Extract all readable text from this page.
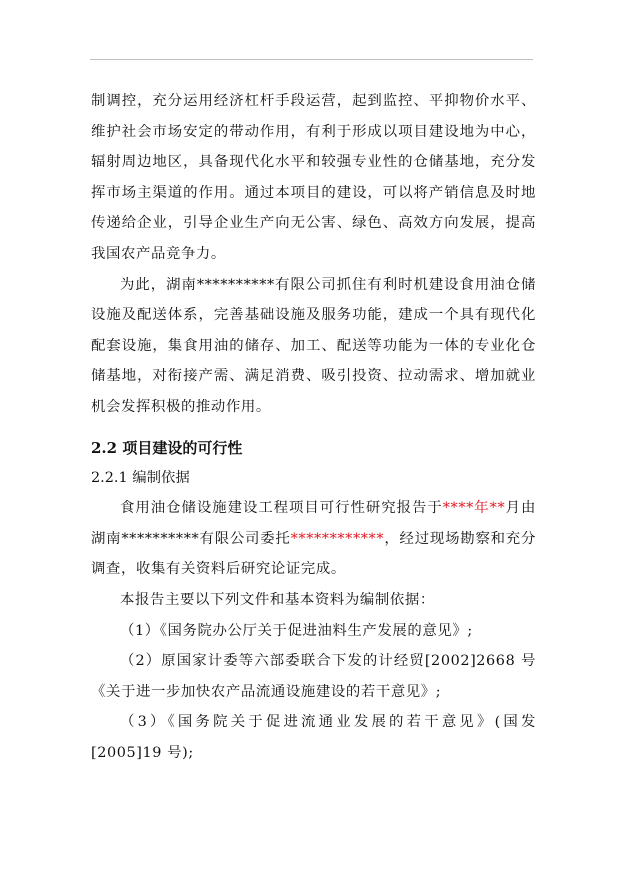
制调控，充分运用经济杠杆手段运营，起到监控、平抑物价水平、维护社会市场安定的带动作用，有利于形成以项目建设地为中心，辐射周边地区，具备现代化水平和较强专业性的仓储基地，充分发挥市场主渠道的作用。通过本项目的建设，可以将产销信息及时地传递给企业，引导企业生产向无公害、绿色、高效方向发展，提高我国农产品竞争力。

为此，湖南**********有限公司抓住有利时机建设食用油仓储设施及配送体系，完善基础设施及服务功能，建成一个具有现代化配套设施，集食用油的储存、加工、配送等功能为一体的专业化仓储基地，对衔接产需、满足消费、吸引投资、拉动需求、增加就业机会发挥积极的推动作用。

2.2 项目建设的可行性

2.2.1 编制依据

食用油仓储设施建设工程项目可行性研究报告于****年**月由湖南**********有限公司委托************，经过现场勘察和充分调查，收集有关资料后研究论证完成。

本报告主要以下列文件和基本资料为编制依据：

（1）《国务院办公厅关于促进油料生产发展的意见》;

（2）原国家计委等六部委联合下发的计经贸[2002]2668 号《关于进一步加快农产品流通设施建设的若干意见》;

（3）《国务院关于促进流通业发展的若干意见》(国发[2005]19 号);
